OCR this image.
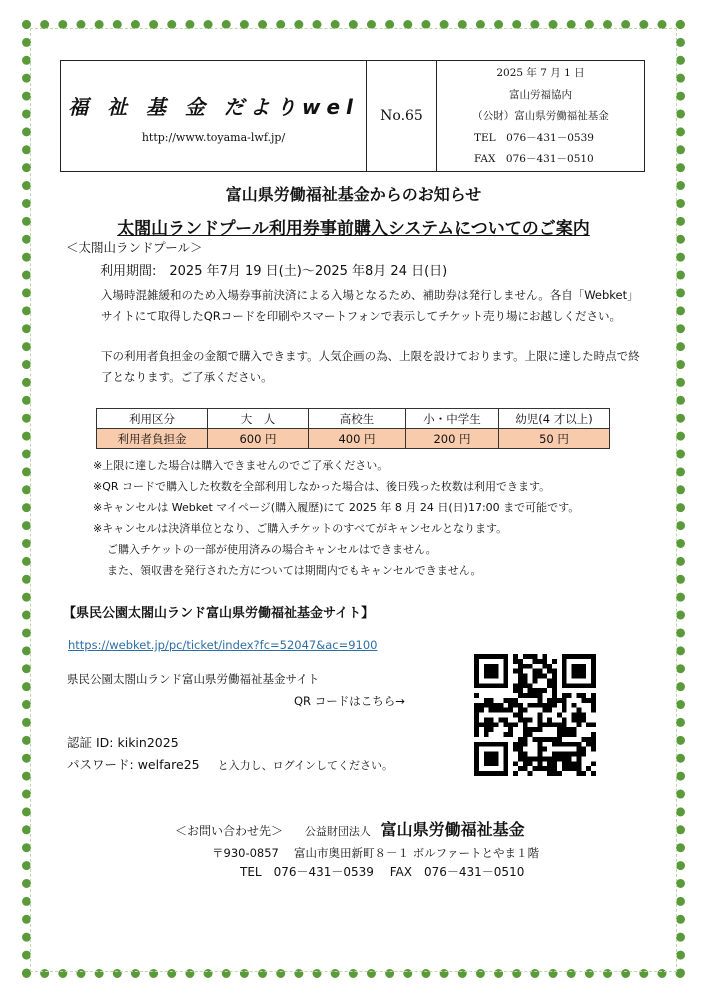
福 祉 基 金 だよりwel
http://www.toyama-lwf.jp/
No.65
2025 年 7 月 1 日
富山労福協内
（公財）富山県労働福祉基金
TEL　076－431－0539
FAX　076－431－0510
富山県労働福祉基金からのお知らせ
太閤山ランドプール利用券事前購入システムについてのご案内
＜太閤山ランドプール＞
利用期間:　2025 年7月 19 日(土)～2025 年8月 24 日(日)
入場時混雑緩和のため入場券事前決済による入場となるため、補助券は発行しません。各自「Webket」サイトにて取得したQRコードを印刷やスマートフォンで表示してチケット売り場にお越しください。
下の利用者負担金の金額で購入できます。人気企画の為、上限を設けております。上限に達した時点で終了となります。ご了承ください。
利用区分	大　人	高校生	小・中学生	幼児(4 才以上)
利用者負担金	600 円	400 円	200 円	50 円
※上限に達した場合は購入できませんのでご了承ください。
※QR コードで購入した枚数を全部利用しなかった場合は、後日残った枚数は利用できます。
※キャンセルは Webket マイページ(購入履歴)にて 2025 年 8 月 24 日(日)17:00 まで可能です。
※キャンセルは決済単位となり、ご購入チケットのすべてがキャンセルとなります。
ご購入チケットの一部が使用済みの場合キャンセルはできません。
また、領収書を発行された方については期間内でもキャンセルできません。
【県民公園太閤山ランド富山県労働福祉基金サイト】
https://webket.jp/pc/ticket/index?fc=52047&ac=9100
県民公園太閤山ランド富山県労働福祉基金サイト
QR コードはこちら→
認証 ID: kikin2025
パスワード: welfare25 と入力し、ログインしてください。
＜お問い合わせ先＞ 公益財団法人 富山県労働福祉基金
〒930-0857　 富山市奥田新町８－１ ボルファートとやま１階
TEL　076－431－0539　 FAX　076－431－0510
